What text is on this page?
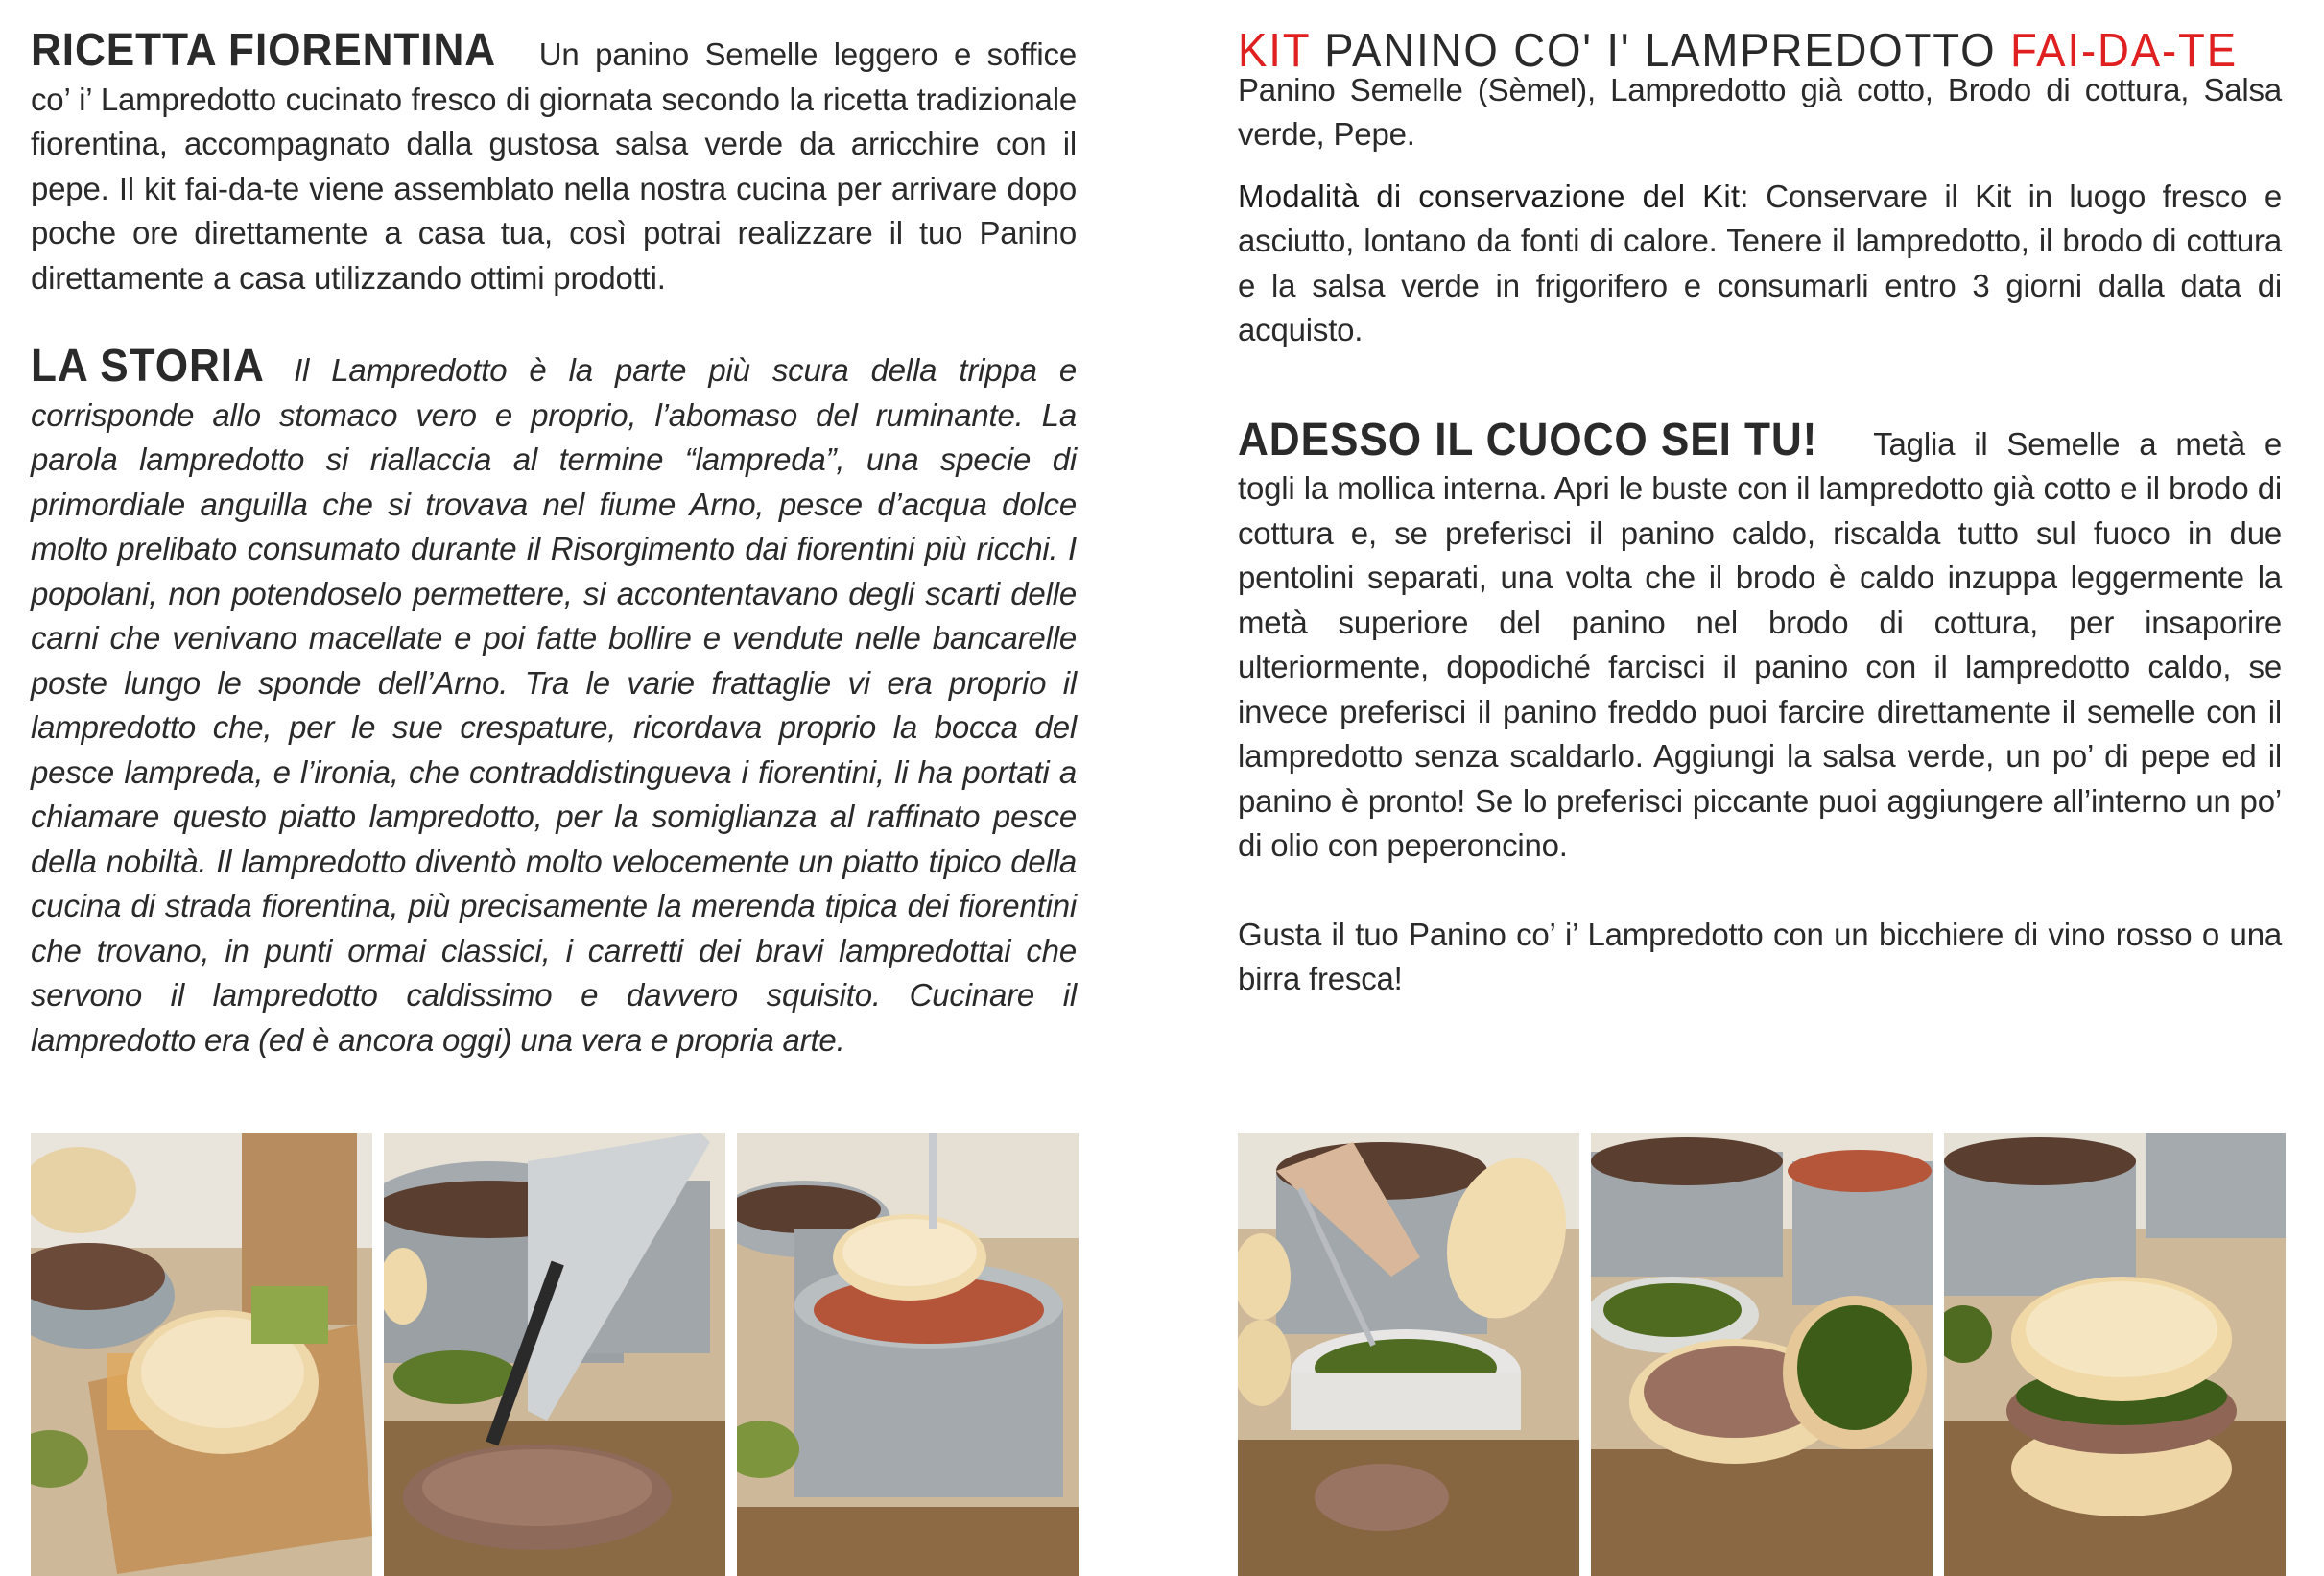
RICETTA FIORENTINA Un panino Semelle leggero e soffice co’ i’ Lampredotto cucinato fresco di giornata secondo la ricetta tradizionale fiorentina, accompagnato dalla gustosa salsa verde da arricchire con il pepe. Il kit fai-da-te viene assemblato nella nostra cucina per arrivare dopo poche ore direttamente a casa tua, così potrai realizzare il tuo Panino direttamente a casa utilizzando ottimi prodotti.

LA STORIA Il Lampredotto è la parte più scura della trippa e corrisponde allo stomaco vero e proprio, l’abomaso del ruminante. La parola lampredotto si riallaccia al termine “lampreda”, una specie di primordiale anguilla che si trovava nel fiume Arno, pesce d’acqua dolce molto prelibato consumato durante il Risorgimento dai fiorentini più ricchi. I popolani, non potendoselo permettere, si accontentavano degli scarti delle carni che venivano macellate e poi fatte bollire e vendute nelle bancarelle poste lungo le sponde dell’Arno. Tra le varie frattaglie vi era proprio il lampredotto che, per le sue crespature, ricordava proprio la bocca del pesce lampreda, e l’ironia, che contraddistingueva i fiorentini, li ha portati a chiamare questo piatto lampredotto, per la somiglianza al raffinato pesce della nobiltà. Il lampredotto diventò molto velocemente un piatto tipico della cucina di strada fiorentina, più precisamente la merenda tipica dei fiorentini che trovano, in punti ormai classici, i carretti dei bravi lampredottai che servono il lampredotto caldissimo e davvero squisito. Cucinare il lampredotto era (ed è ancora oggi) una vera e propria arte.

KIT PANINO CO' I' LAMPREDOTTO FAI-DA-TE

Panino Semelle (Sèmel), Lampredotto già cotto, Brodo di cottura, Salsa verde, Pepe.

Modalità di conservazione del Kit: Conservare il Kit in luogo fresco e asciutto, lontano da fonti di calore. Tenere il lampredotto, il brodo di cottura e la salsa verde in frigorifero e consumarli entro 3 giorni dalla data di acquisto.

ADESSO IL CUOCO SEI TU! Taglia il Semelle a metà e togli la mollica interna. Apri le buste con il lampredotto già cotto e il brodo di cottura e, se preferisci il panino caldo, riscalda tutto sul fuoco in due pentolini separati, una volta che il brodo è caldo inzuppa leggermente la metà superiore del panino nel brodo di cottura, per insaporire ulteriormente, dopodiché farcisci il panino con il lampredotto caldo, se invece preferisci il panino freddo puoi farcire direttamente il semelle con il lampredotto senza scaldarlo. Aggiungi la salsa verde, un po’ di pepe ed il panino è pronto! Se lo preferisci piccante puoi aggiungere all’interno un po’ di olio con peperoncino.

Gusta il tuo Panino co’ i’ Lampredotto con un bicchiere di vino rosso o una birra fresca!
